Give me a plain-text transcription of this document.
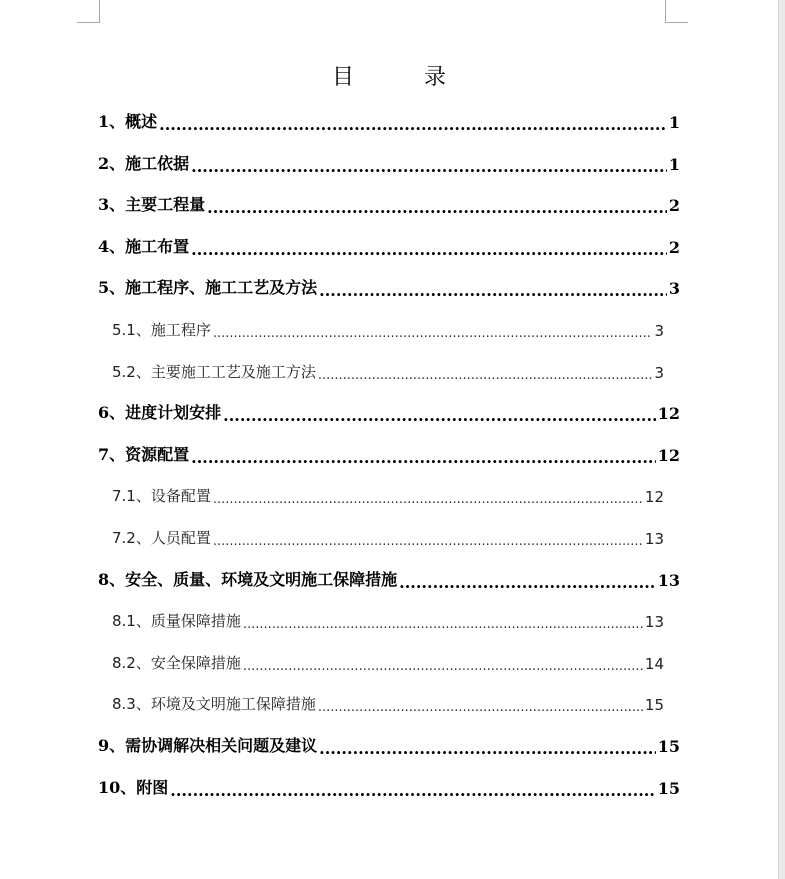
目	录
1、概述 .....	1
2、施工依据 .....	1
3、主要工程量 .....	2
4、施工布置 .....	2
5、施工程序、施工工艺及方法 .....	3
5.1、施工程序 .....	3
5.2、主要施工工艺及施工方法 .....	3
6、进度计划安排 .....	12
7、资源配置 .....	12
7.1、设备配置 .....	12
7.2、人员配置 .....	13
8、安全、质量、环境及文明施工保障措施 .....	13
8.1、质量保障措施 .....	13
8.2、安全保障措施 .....	14
8.3、环境及文明施工保障措施 .....	15
9、需协调解决相关问题及建议 .....	15
10、附图 .....	15
